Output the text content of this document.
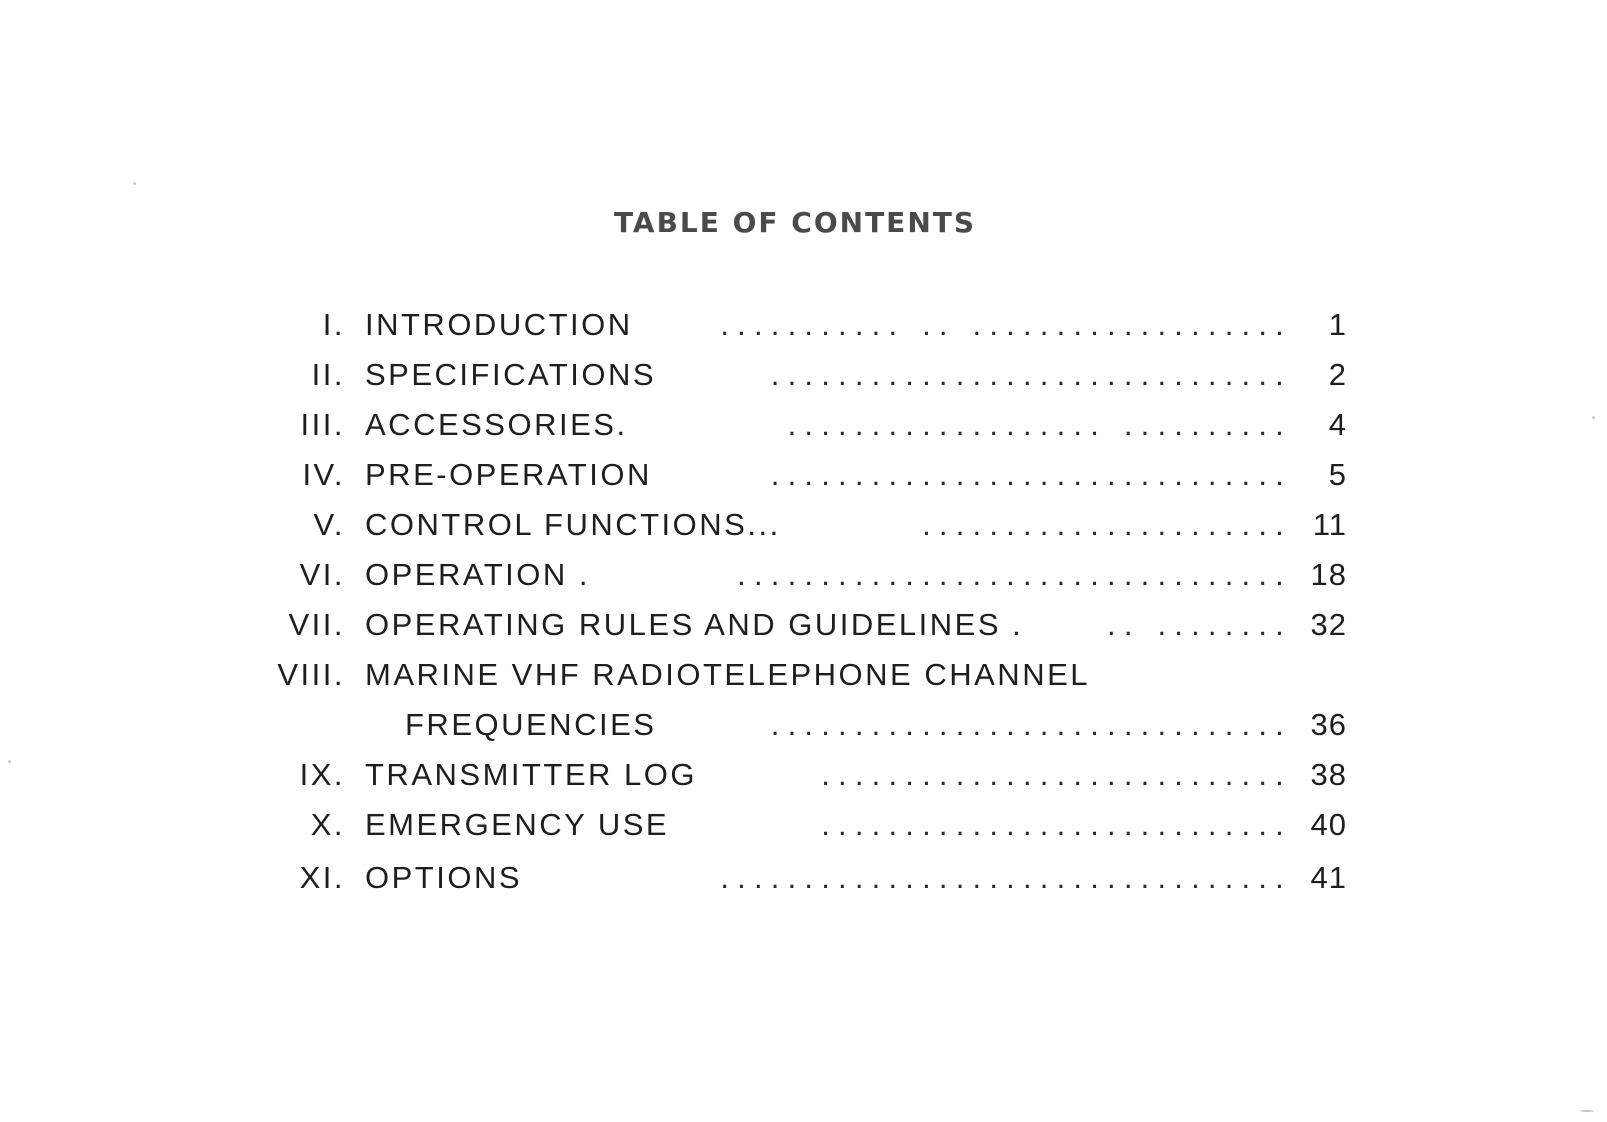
TABLE OF CONTENTS
I. INTRODUCTION	........... .. ................... 1
II. SPECIFICATIONS	............................... 2
III. ACCESSORIES.	................... .......... 4
IV. PRE-OPERATION	............................... 5
V. CONTROL FUNCTIONS...	...................... 11
VI. OPERATION .	................................. 18
VII. OPERATING RULES AND GUIDELINES .	.. ........ 32
VIII. MARINE VHF RADIOTELEPHONE CHANNEL
FREQUENCIES	............................... 36
IX. TRANSMITTER LOG	............................ 38
X. EMERGENCY USE	............................ 40
XI. OPTIONS	.................................. 41
